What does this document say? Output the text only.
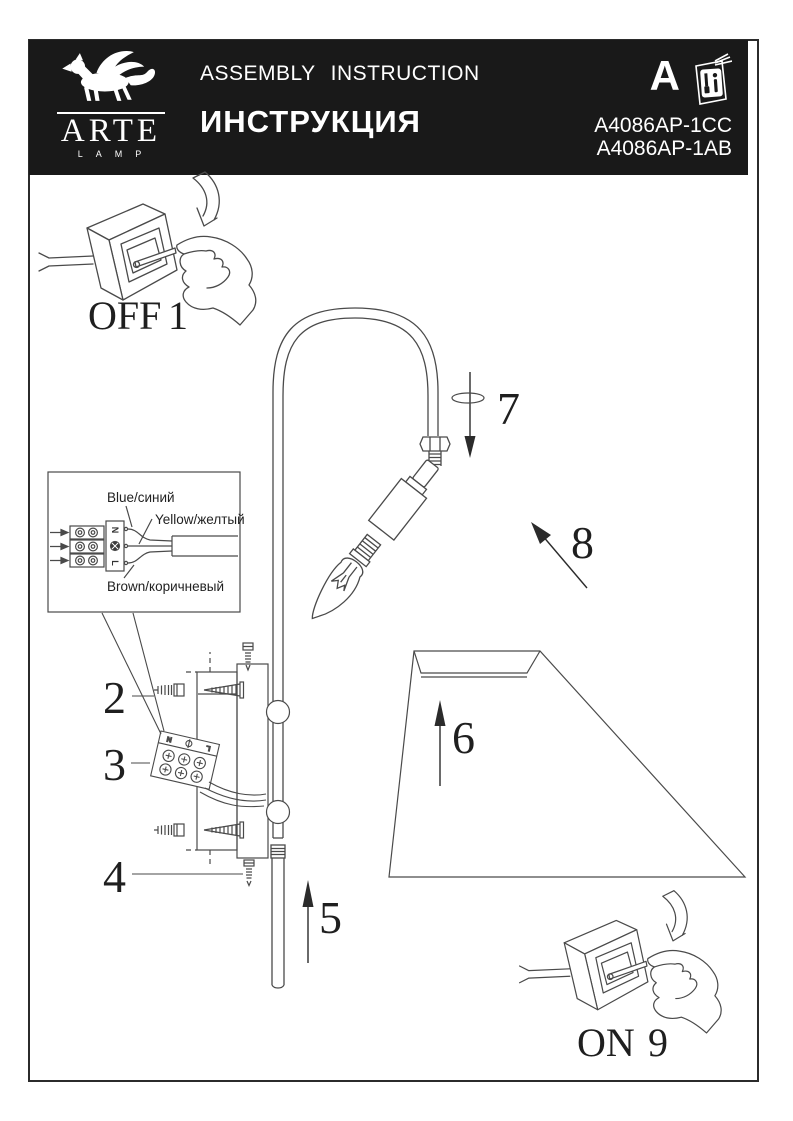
ARTE
LAMP
ASSEMBLY INSTRUCTION
ИНСТРУКЦИЯ
A
A4086AP-1CC
A4086AP-1AB
7
8
6
5
N
L
Blue/синий
Yellow/желтый
Brown/коричневый
N
L
2
3
4
OFF 1
ON 9
